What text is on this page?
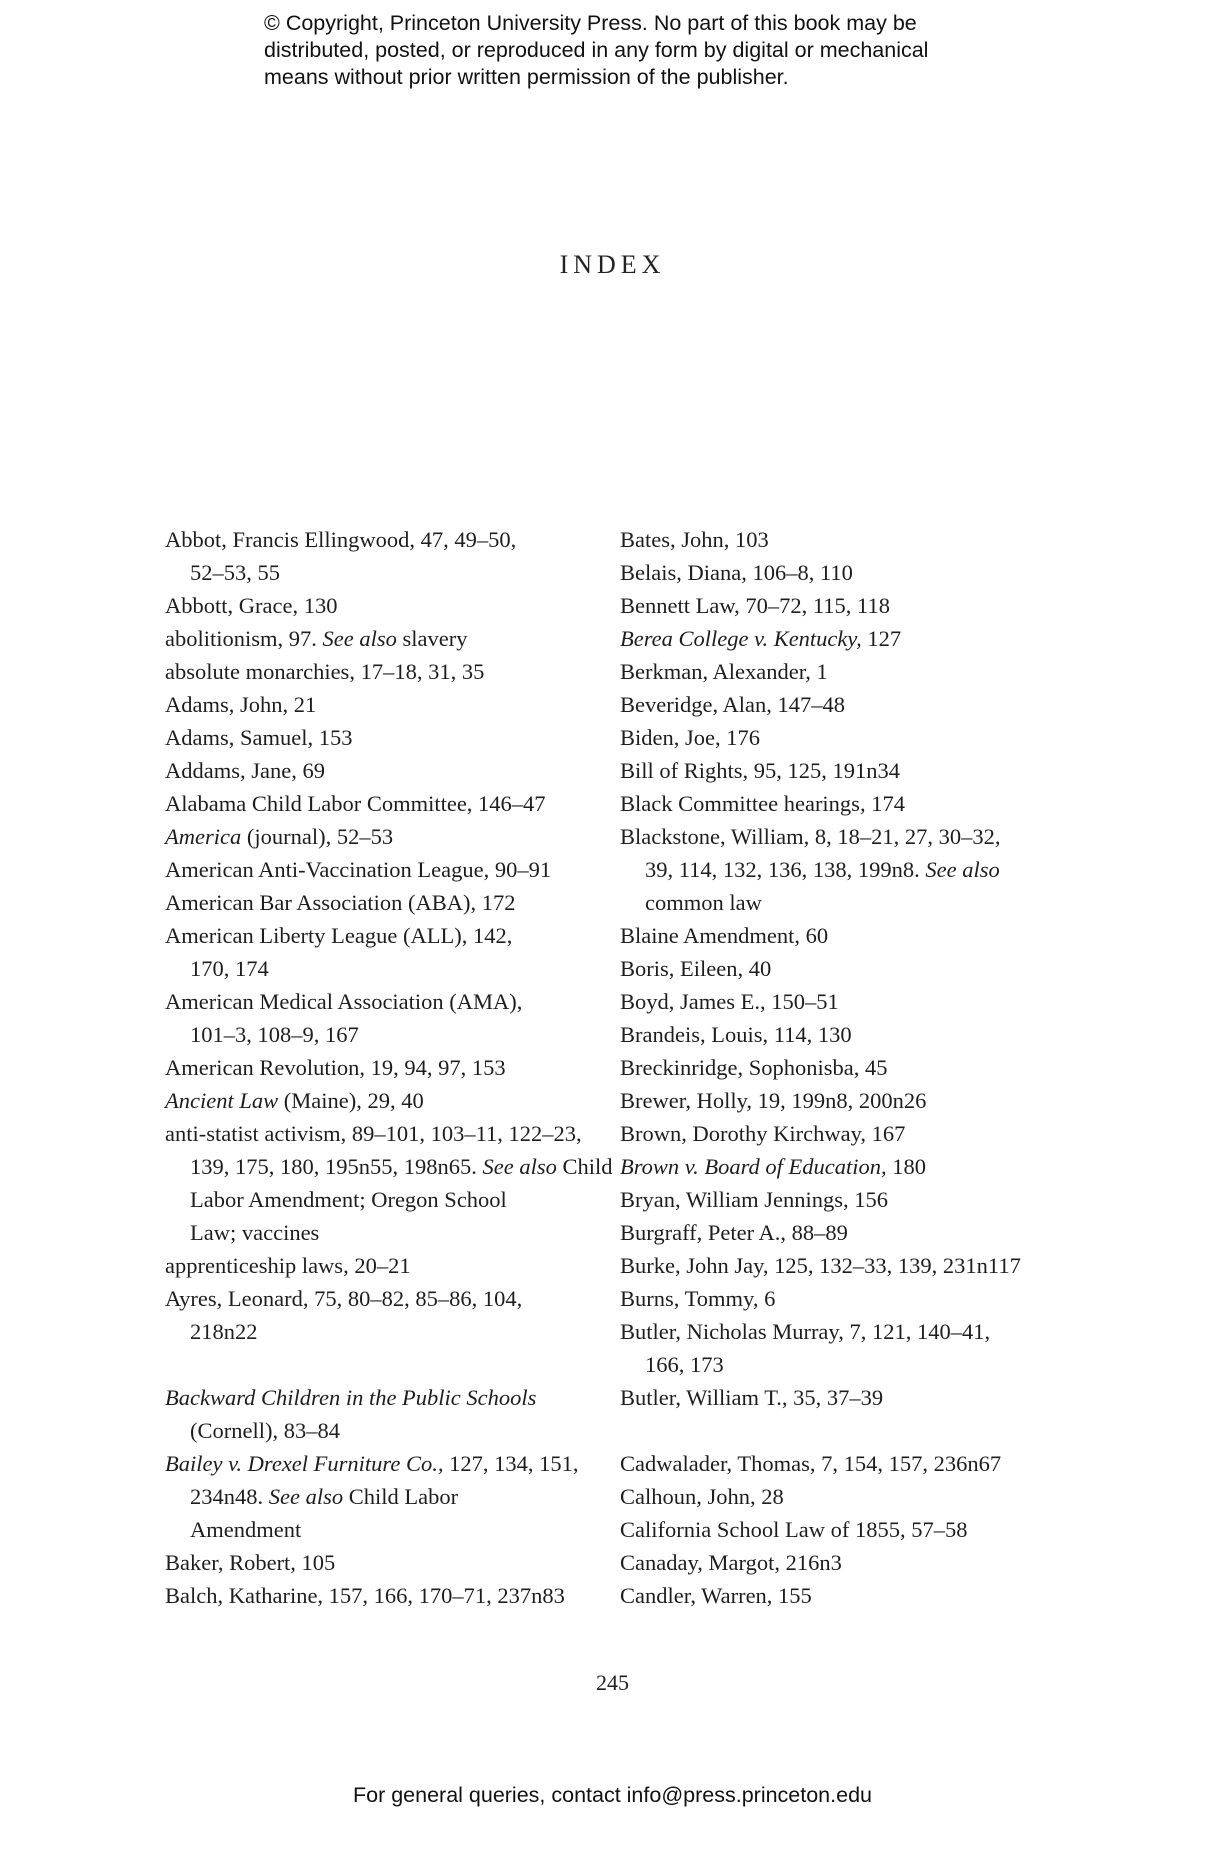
© Copyright, Princeton University Press. No part of this book may be
distributed, posted, or reproduced in any form by digital or mechanical
means without prior written permission of the publisher.
INDEX

Abbot, Francis Ellingwood, 47, 49–50,
52–53, 55

Abbott, Grace, 130

abolitionism, 97. See also slavery

absolute monarchies, 17–18, 31, 35

Adams, John, 21

Adams, Samuel, 153

Addams, Jane, 69

Alabama Child Labor Committee, 146–47

America (journal), 52–53

American Anti-Vaccination League, 90–91

American Bar Association (ABA), 172

American Liberty League (ALL), 142,
170, 174

American Medical Association (AMA),
101–3, 108–9, 167

American Revolution, 19, 94, 97, 153

Ancient Law (Maine), 29, 40

anti-statist activism, 89–101, 103–11, 122–23,
139, 175, 180, 195n55, 198n65. See also Child
Labor Amendment; Oregon School
Law; vaccines

apprenticeship laws, 20–21

Ayres, Leonard, 75, 80–82, 85–86, 104,
218n22

Backward Children in the Public Schools
(Cornell), 83–84

Bailey v. Drexel Furniture Co., 127, 134, 151,
234n48. See also Child Labor
Amendment

Baker, Robert, 105

Balch, Katharine, 157, 166, 170–71, 237n83

Bates, John, 103

Belais, Diana, 106–8, 110

Bennett Law, 70–72, 115, 118

Berea College v. Kentucky, 127

Berkman, Alexander, 1

Beveridge, Alan, 147–48

Biden, Joe, 176

Bill of Rights, 95, 125, 191n34

Black Committee hearings, 174

Blackstone, William, 8, 18–21, 27, 30–32,
39, 114, 132, 136, 138, 199n8. See also
common law

Blaine Amendment, 60

Boris, Eileen, 40

Boyd, James E., 150–51

Brandeis, Louis, 114, 130

Breckinridge, Sophonisba, 45

Brewer, Holly, 19, 199n8, 200n26

Brown, Dorothy Kirchway, 167

Brown v. Board of Education, 180

Bryan, William Jennings, 156

Burgraff, Peter A., 88–89

Burke, John Jay, 125, 132–33, 139, 231n117

Burns, Tommy, 6

Butler, Nicholas Murray, 7, 121, 140–41,
166, 173

Butler, William T., 35, 37–39

Cadwalader, Thomas, 7, 154, 157, 236n67

Calhoun, John, 28

California School Law of 1855, 57–58

Canaday, Margot, 216n3

Candler, Warren, 155

245
For general queries, contact info@press.princeton.edu
